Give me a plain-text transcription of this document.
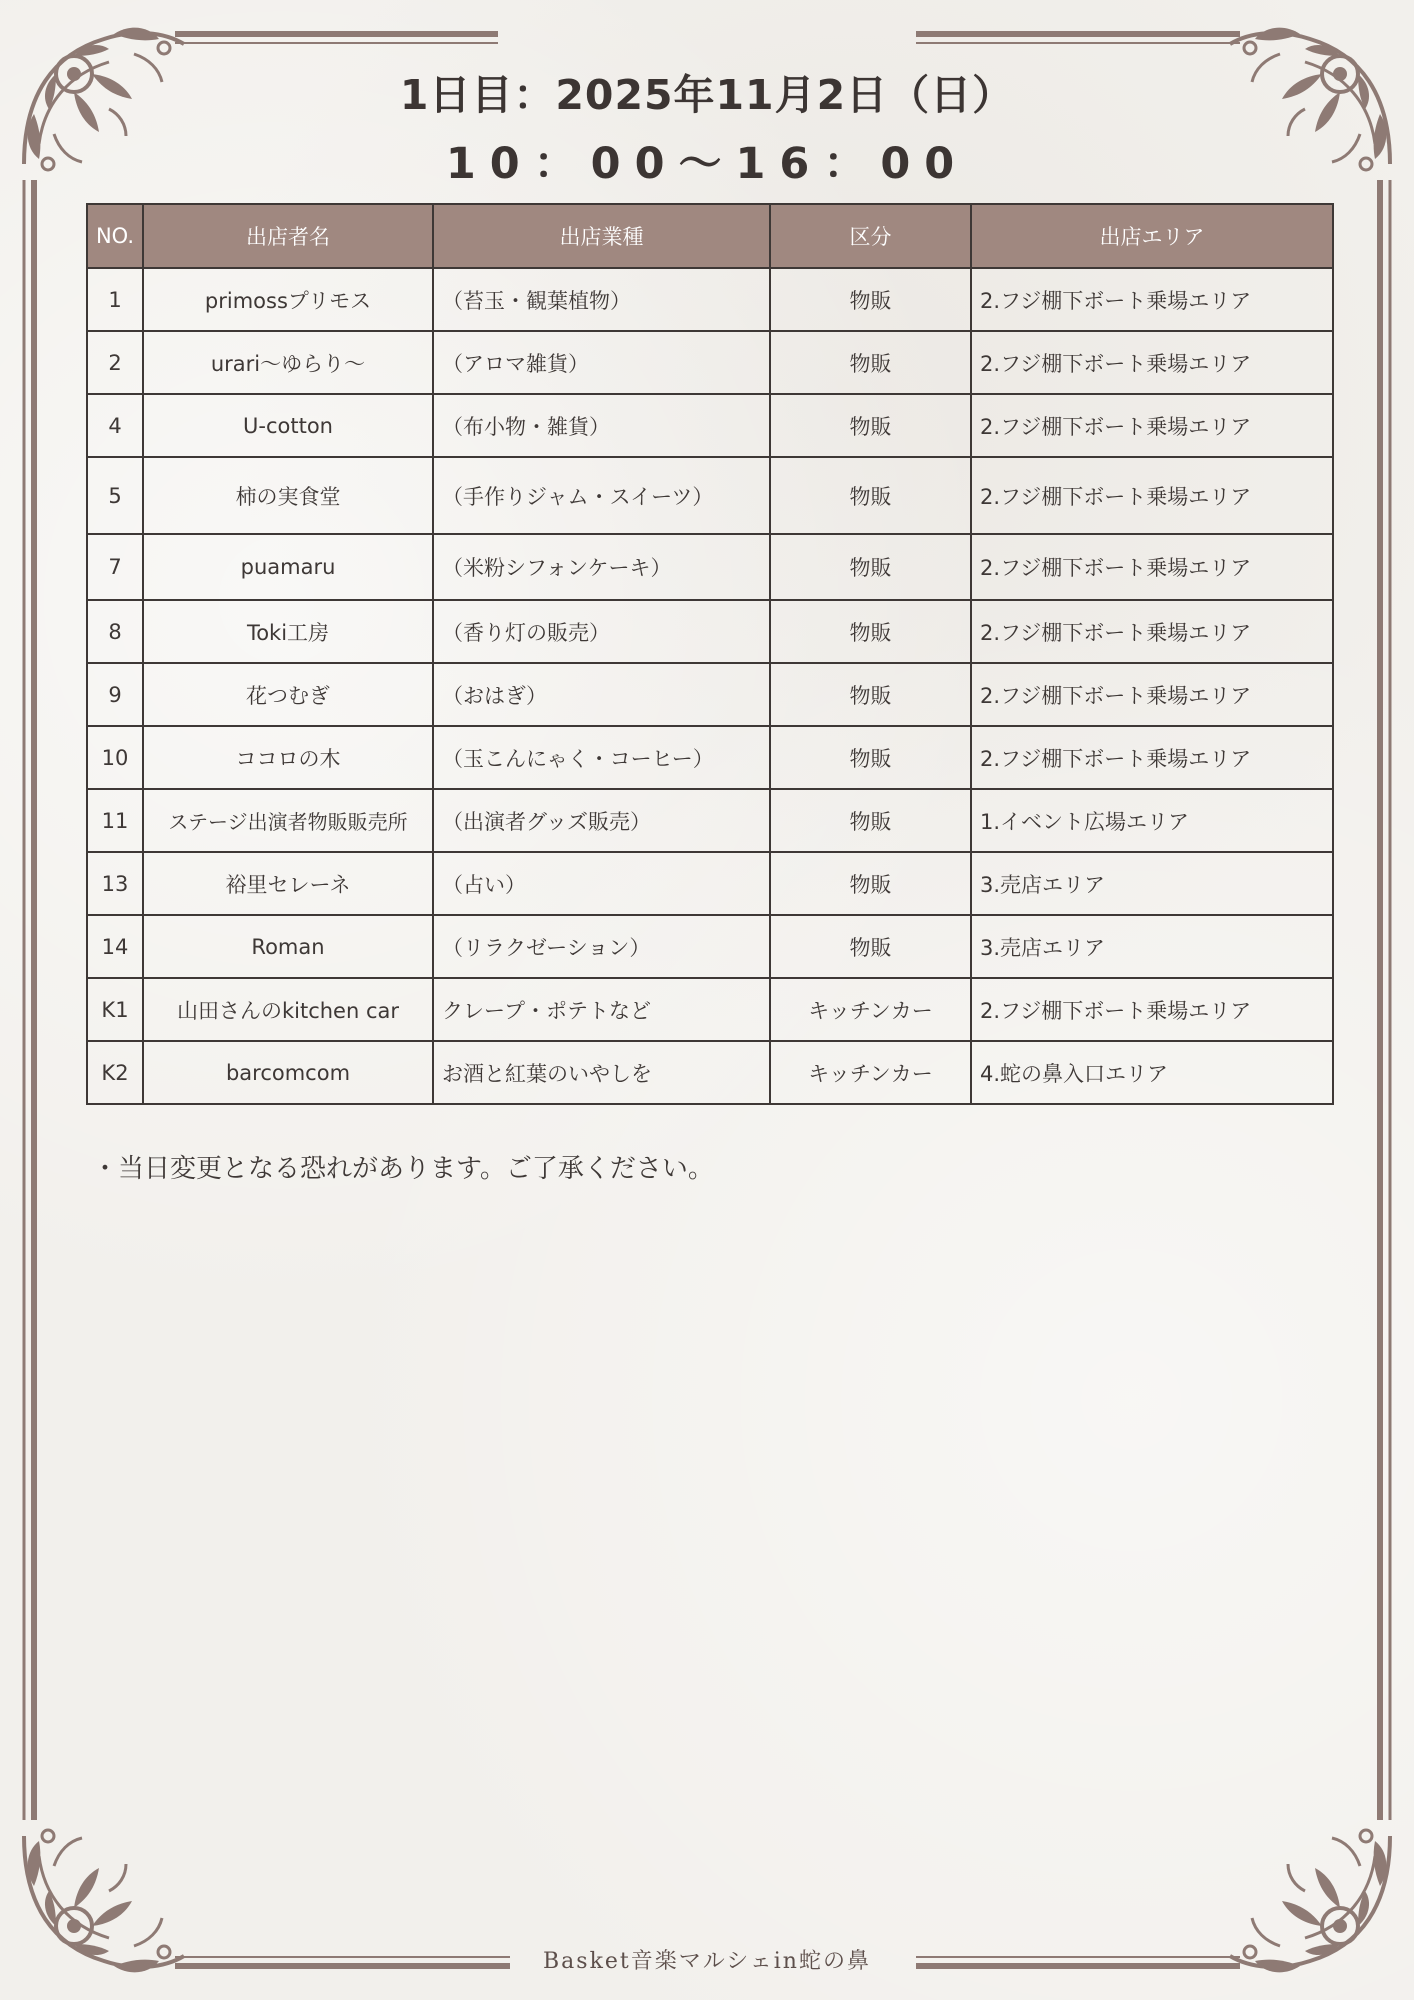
1日目：2025年11月2日（日）
10：00〜16：00
NO.	出店者名	出店業種	区分	出店エリア
1	primossプリモス	（苔玉・観葉植物）	物販	2.フジ棚下ボート乗場エリア
2	urari〜ゆらり〜	（アロマ雑貨）	物販	2.フジ棚下ボート乗場エリア
4	U-cotton	（布小物・雑貨）	物販	2.フジ棚下ボート乗場エリア
5	柿の実食堂	（手作りジャム・スイーツ）	物販	2.フジ棚下ボート乗場エリア
7	puamaru	（米粉シフォンケーキ）	物販	2.フジ棚下ボート乗場エリア
8	Toki工房	（香り灯の販売）	物販	2.フジ棚下ボート乗場エリア
9	花つむぎ	（おはぎ）	物販	2.フジ棚下ボート乗場エリア
10	ココロの木	（玉こんにゃく・コーヒー）	物販	2.フジ棚下ボート乗場エリア
11	ステージ出演者物販販売所	（出演者グッズ販売）	物販	1.イベント広場エリア
13	裕里セレーネ	（占い）	物販	3.売店エリア
14	Roman	（リラクゼーション）	物販	3.売店エリア
K1	山田さんのkitchen car	クレープ・ポテトなど	キッチンカー	2.フジ棚下ボート乗場エリア
K2	barcomcom	お酒と紅葉のいやしを	キッチンカー	4.蛇の鼻入口エリア
・当日変更となる恐れがあります。ご了承ください。
Basket音楽マルシェin蛇の鼻
